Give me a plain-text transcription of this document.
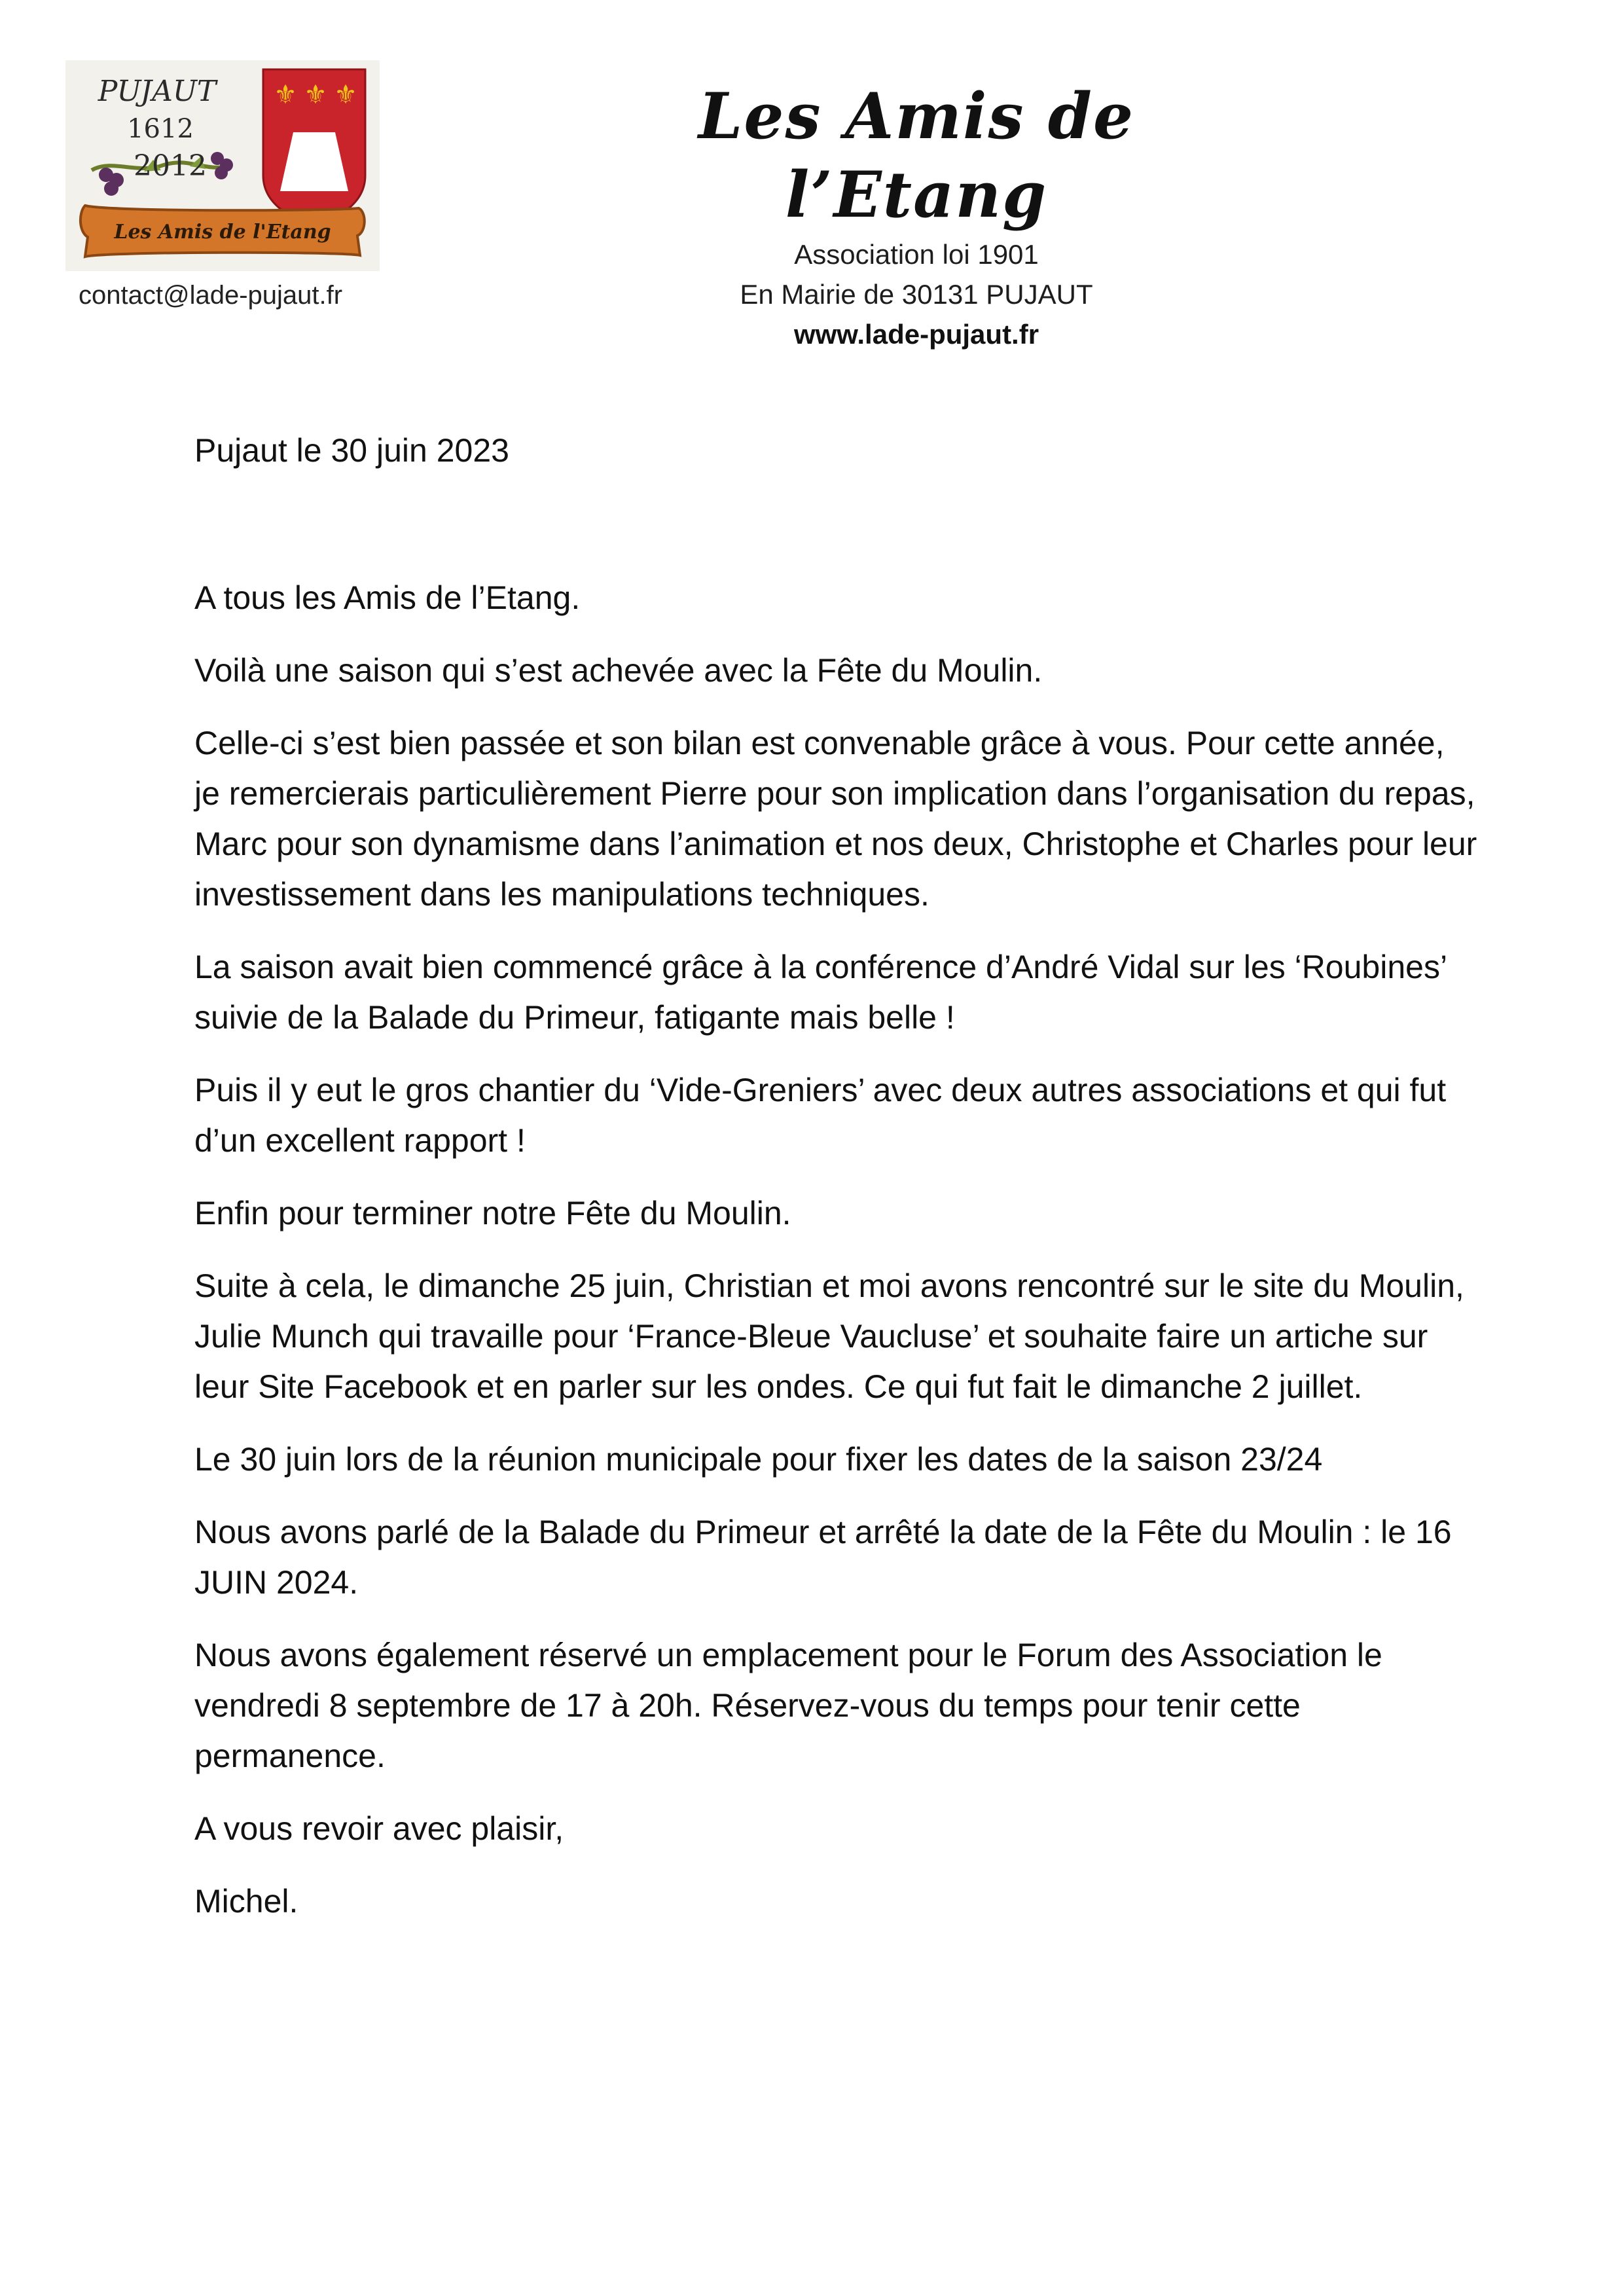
PUJAUT
1612
2012
⚜ ⚜ ⚜
Les Amis de l'Etang
contact@lade-pujaut.fr
Les Amis de l’Etang
Association loi 1901
En Mairie de 30131 PUJAUT
www.lade-pujaut.fr
Pujaut le 30 juin 2023

A tous les Amis de l’Etang.

Voilà une saison qui s’est achevée avec la Fête du Moulin.

Celle-ci s’est bien passée et son bilan est convenable grâce à vous. Pour cette année, je remercierais particulièrement Pierre pour son implication dans l’organisation du repas, Marc pour son dynamisme dans l’animation et nos deux, Christophe et Charles pour leur investissement dans les manipulations techniques.

La saison avait bien commencé grâce à la conférence d’André Vidal sur les ‘Roubines’ suivie de la Balade du Primeur, fatigante mais belle !

Puis il y eut le gros chantier du ‘Vide-Greniers’ avec deux autres associations et qui fut d’un excellent rapport !

Enfin pour terminer notre Fête du Moulin.

Suite à cela, le dimanche 25 juin, Christian et moi avons rencontré sur le site du Moulin, Julie Munch qui travaille pour ‘France-Bleue Vaucluse’ et souhaite faire un artiche sur leur Site Facebook et en parler sur les ondes. Ce qui fut fait le dimanche 2 juillet.

Le 30 juin lors de la réunion municipale pour fixer les dates de la saison 23/24

Nous avons parlé de la Balade du Primeur et arrêté la date de la Fête du Moulin : le 16 JUIN 2024.

Nous avons également réservé un emplacement pour le Forum des Association le vendredi 8 septembre de 17 à 20h. Réservez-vous du temps pour tenir cette permanence.

A vous revoir avec plaisir,

Michel.
